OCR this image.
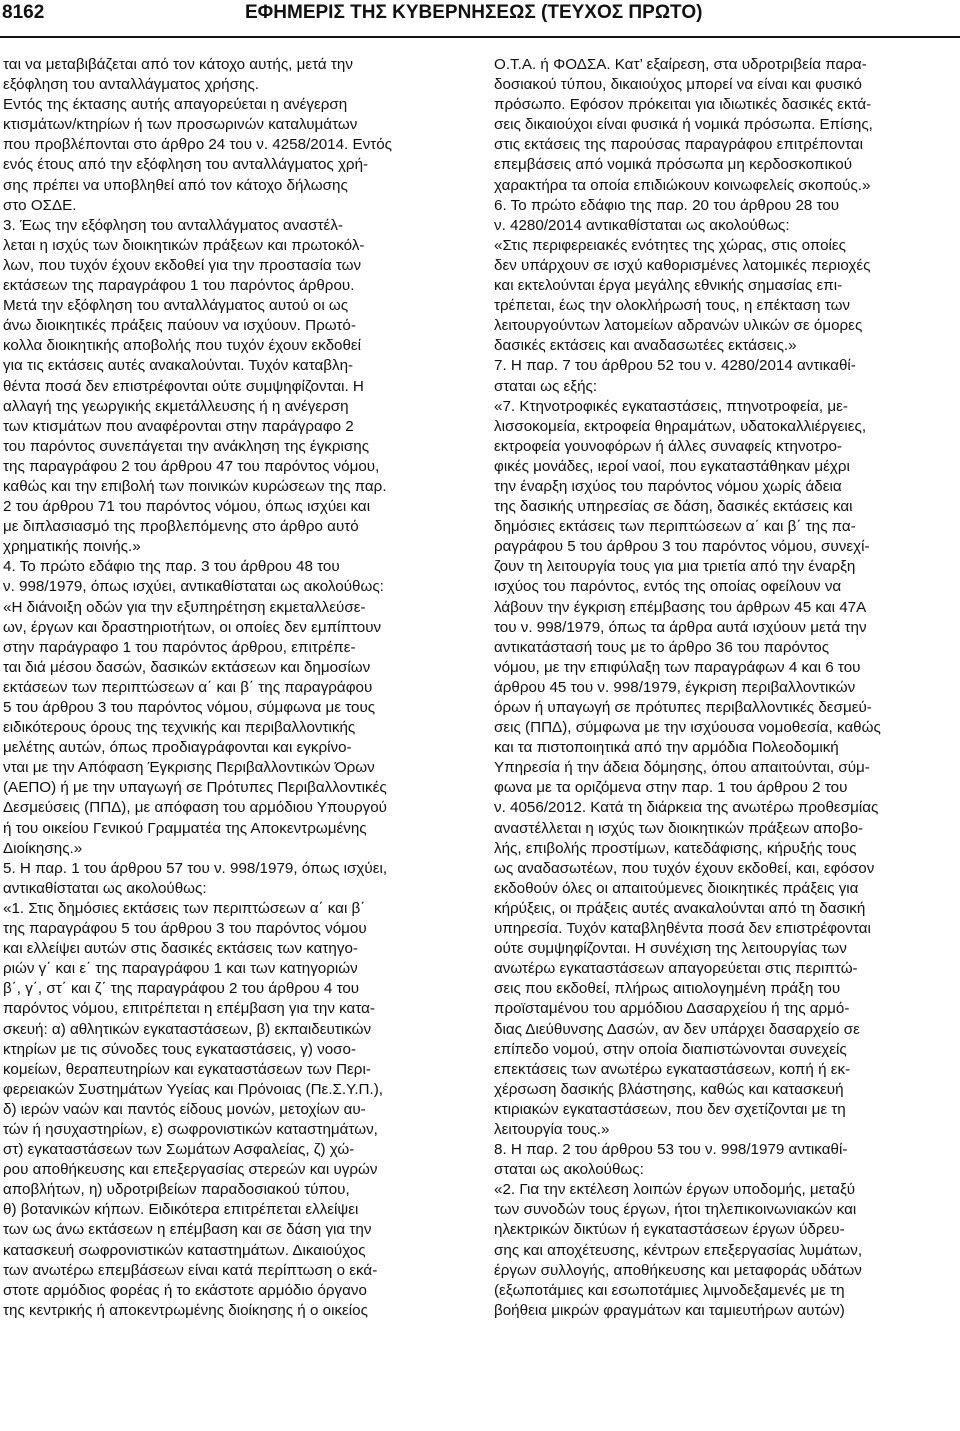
8162	ΕΦΗΜΕΡΙΣ ΤΗΣ ΚΥΒΕΡΝΗΣΕΩΣ (ΤΕΥΧΟΣ ΠΡΩΤΟ)
ται να μεταβιβάζεται από τον κάτοχο αυτής, μετά την
εξόφληση του ανταλλάγματος χρήσης.
Εντός της έκτασης αυτής απαγορεύεται η ανέγερση
κτισμάτων/κτηρίων ή των προσωρινών καταλυμάτων
που προβλέπονται στο άρθρο 24 του ν. 4258/2014. Εντός
ενός έτους από την εξόφληση του ανταλλάγματος χρή-
σης πρέπει να υποβληθεί από τον κάτοχο δήλωσης
στο ΟΣΔΕ.
3. Έως την εξόφληση του ανταλλάγματος αναστέλ-
λεται η ισχύς των διοικητικών πράξεων και πρωτοκόλ-
λων, που τυχόν έχουν εκδοθεί για την προστασία των
εκτάσεων της παραγράφου 1 του παρόντος άρθρου.
Μετά την εξόφληση του ανταλλάγματος αυτού οι ως
άνω διοικητικές πράξεις παύουν να ισχύουν. Πρωτό-
κολλα διοικητικής αποβολής που τυχόν έχουν εκδοθεί
για τις εκτάσεις αυτές ανακαλούνται. Τυχόν καταβλη-
θέντα ποσά δεν επιστρέφονται ούτε συμψηφίζονται. Η
αλλαγή της γεωργικής εκμετάλλευσης ή η ανέγερση
των κτισμάτων που αναφέρονται στην παράγραφο 2
του παρόντος συνεπάγεται την ανάκληση της έγκρισης
της παραγράφου 2 του άρθρου 47 του παρόντος νόμου,
καθώς και την επιβολή των ποινικών κυρώσεων της παρ.
2 του άρθρου 71 του παρόντος νόμου, όπως ισχύει και
με διπλασιασμό της προβλεπόμενης στο άρθρο αυτό
χρηματικής ποινής.»
4. Το πρώτο εδάφιο της παρ. 3 του άρθρου 48 του
ν. 998/1979, όπως ισχύει, αντικαθίσταται ως ακολούθως:
«Η διάνοιξη οδών για την εξυπηρέτηση εκμεταλλεύσε-
ων, έργων και δραστηριοτήτων, οι οποίες δεν εμπίπτουν
στην παράγραφο 1 του παρόντος άρθρου, επιτρέπε-
ται διά μέσου δασών, δασικών εκτάσεων και δημοσίων
εκτάσεων των περιπτώσεων α΄ και β΄ της παραγράφου
5 του άρθρου 3 του παρόντος νόμου, σύμφωνα με τους
ειδικότερους όρους της τεχνικής και περιβαλλοντικής
μελέτης αυτών, όπως προδιαγράφονται και εγκρίνο-
νται με την Απόφαση Έγκρισης Περιβαλλοντικών Όρων
(ΑΕΠΟ) ή με την υπαγωγή σε Πρότυπες Περιβαλλοντικές
Δεσμεύσεις (ΠΠΔ), με απόφαση του αρμόδιου Υπουργού
ή του οικείου Γενικού Γραμματέα της Αποκεντρωμένης
Διοίκησης.»
5. Η παρ. 1 του άρθρου 57 του ν. 998/1979, όπως ισχύει,
αντικαθίσταται ως ακολούθως:
«1. Στις δημόσιες εκτάσεις των περιπτώσεων α΄ και β΄
της παραγράφου 5 του άρθρου 3 του παρόντος νόμου
και ελλείψει αυτών στις δασικές εκτάσεις των κατηγο-
ριών γ΄ και ε΄ της παραγράφου 1 και των κατηγοριών
β΄, γ΄, στ΄ και ζ΄ της παραγράφου 2 του άρθρου 4 του
παρόντος νόμου, επιτρέπεται η επέμβαση για την κατα-
σκευή: α) αθλητικών εγκαταστάσεων, β) εκπαιδευτικών
κτηρίων με τις σύνοδες τους εγκαταστάσεις, γ) νοσο-
κομείων, θεραπευτηρίων και εγκαταστάσεων των Περι-
φερειακών Συστημάτων Υγείας και Πρόνοιας (Πε.Σ.Υ.Π.),
δ) ιερών ναών και παντός είδους μονών, μετοχίων αυ-
τών ή ησυχαστηρίων, ε) σωφρονιστικών καταστημάτων,
στ) εγκαταστάσεων των Σωμάτων Ασφαλείας, ζ) χώ-
ρου αποθήκευσης και επεξεργασίας στερεών και υγρών
αποβλήτων, η) υδροτριβείων παραδοσιακού τύπου,
θ) βοτανικών κήπων. Ειδικότερα επιτρέπεται ελλείψει
των ως άνω εκτάσεων η επέμβαση και σε δάση για την
κατασκευή σωφρονιστικών καταστημάτων. Δικαιούχος
των ανωτέρω επεμβάσεων είναι κατά περίπτωση ο εκά-
στοτε αρμόδιος φορέας ή το εκάστοτε αρμόδιο όργανο
της κεντρικής ή αποκεντρωμένης διοίκησης ή ο οικείος
Ο.Τ.Α. ή ΦΟΔΣΑ. Κατ’ εξαίρεση, στα υδροτριβεία παρα-
δοσιακού τύπου, δικαιούχος μπορεί να είναι και φυσικό
πρόσωπο. Εφόσον πρόκειται για ιδιωτικές δασικές εκτά-
σεις δικαιούχοι είναι φυσικά ή νομικά πρόσωπα. Επίσης,
στις εκτάσεις της παρούσας παραγράφου επιτρέπονται
επεμβάσεις από νομικά πρόσωπα μη κερδοσκοπικού
χαρακτήρα τα οποία επιδιώκουν κοινωφελείς σκοπούς.»
6. Το πρώτο εδάφιο της παρ. 20 του άρθρου 28 του
ν. 4280/2014 αντικαθίσταται ως ακολούθως:
«Στις περιφερειακές ενότητες της χώρας, στις οποίες
δεν υπάρχουν σε ισχύ καθορισμένες λατομικές περιοχές
και εκτελούνται έργα μεγάλης εθνικής σημασίας επι-
τρέπεται, έως την ολοκλήρωσή τους, η επέκταση των
λειτουργούντων λατομείων αδρανών υλικών σε όμορες
δασικές εκτάσεις και αναδασωτέες εκτάσεις.»
7. Η παρ. 7 του άρθρου 52 του ν. 4280/2014 αντικαθί-
σταται ως εξής:
«7. Κτηνοτροφικές εγκαταστάσεις, πτηνοτροφεία, με-
λισσοκομεία, εκτροφεία θηραμάτων, υδατοκαλλιέργειες,
εκτροφεία γουνοφόρων ή άλλες συναφείς κτηνοτρο-
φικές μονάδες, ιεροί ναοί, που εγκαταστάθηκαν μέχρι
την έναρξη ισχύος του παρόντος νόμου χωρίς άδεια
της δασικής υπηρεσίας σε δάση, δασικές εκτάσεις και
δημόσιες εκτάσεις των περιπτώσεων α΄ και β΄ της πα-
ραγράφου 5 του άρθρου 3 του παρόντος νόμου, συνεχί-
ζουν τη λειτουργία τους για μια τριετία από την έναρξη
ισχύος του παρόντος, εντός της οποίας οφείλουν να
λάβουν την έγκριση επέμβασης του άρθρων 45 και 47Α
του ν. 998/1979, όπως τα άρθρα αυτά ισχύουν μετά την
αντικατάστασή τους με το άρθρο 36 του παρόντος
νόμου, με την επιφύλαξη των παραγράφων 4 και 6 του
άρθρου 45 του ν. 998/1979, έγκριση περιβαλλοντικών
όρων ή υπαγωγή σε πρότυπες περιβαλλοντικές δεσμεύ-
σεις (ΠΠΔ), σύμφωνα με την ισχύουσα νομοθεσία, καθώς
και τα πιστοποιητικά από την αρμόδια Πολεοδομική
Υπηρεσία ή την άδεια δόμησης, όπου απαιτούνται, σύμ-
φωνα με τα οριζόμενα στην παρ. 1 του άρθρου 2 του
ν. 4056/2012. Κατά τη διάρκεια της ανωτέρω προθεσμίας
αναστέλλεται η ισχύς των διοικητικών πράξεων αποβο-
λής, επιβολής προστίμων, κατεδάφισης, κήρυξής τους
ως αναδασωτέων, που τυχόν έχουν εκδοθεί, και, εφόσον
εκδοθούν όλες οι απαιτούμενες διοικητικές πράξεις για
κήρύξεις, οι πράξεις αυτές ανακαλούνται από τη δασική
υπηρεσία. Τυχόν καταβληθέντα ποσά δεν επιστρέφονται
ούτε συμψηφίζονται. Η συνέχιση της λειτουργίας των
ανωτέρω εγκαταστάσεων απαγορεύεται στις περιπτώ-
σεις που εκδοθεί, πλήρως αιτιολογημένη πράξη του
προϊσταμένου του αρμόδιου Δασαρχείου ή της αρμό-
διας Διεύθυνσης Δασών, αν δεν υπάρχει δασαρχείο σε
επίπεδο νομού, στην οποία διαπιστώνονται συνεχείς
επεκτάσεις των ανωτέρω εγκαταστάσεων, κοπή ή εκ-
χέρσωση δασικής βλάστησης, καθώς και κατασκευή
κτιριακών εγκαταστάσεων, που δεν σχετίζονται με τη
λειτουργία τους.»
8. Η παρ. 2 του άρθρου 53 του ν. 998/1979 αντικαθί-
σταται ως ακολούθως:
«2. Για την εκτέλεση λοιπών έργων υποδομής, μεταξύ
των συνοδών τους έργων, ήτοι τηλεπικοινωνιακών και
ηλεκτρικών δικτύων ή εγκαταστάσεων έργων ύδρευ-
σης και αποχέτευσης, κέντρων επεξεργασίας λυμάτων,
έργων συλλογής, αποθήκευσης και μεταφοράς υδάτων
(εξωποτάμιες και εσωποτάμιες λιμνοδεξαμενές με τη
βοήθεια μικρών φραγμάτων και ταμιευτήρων αυτών)
